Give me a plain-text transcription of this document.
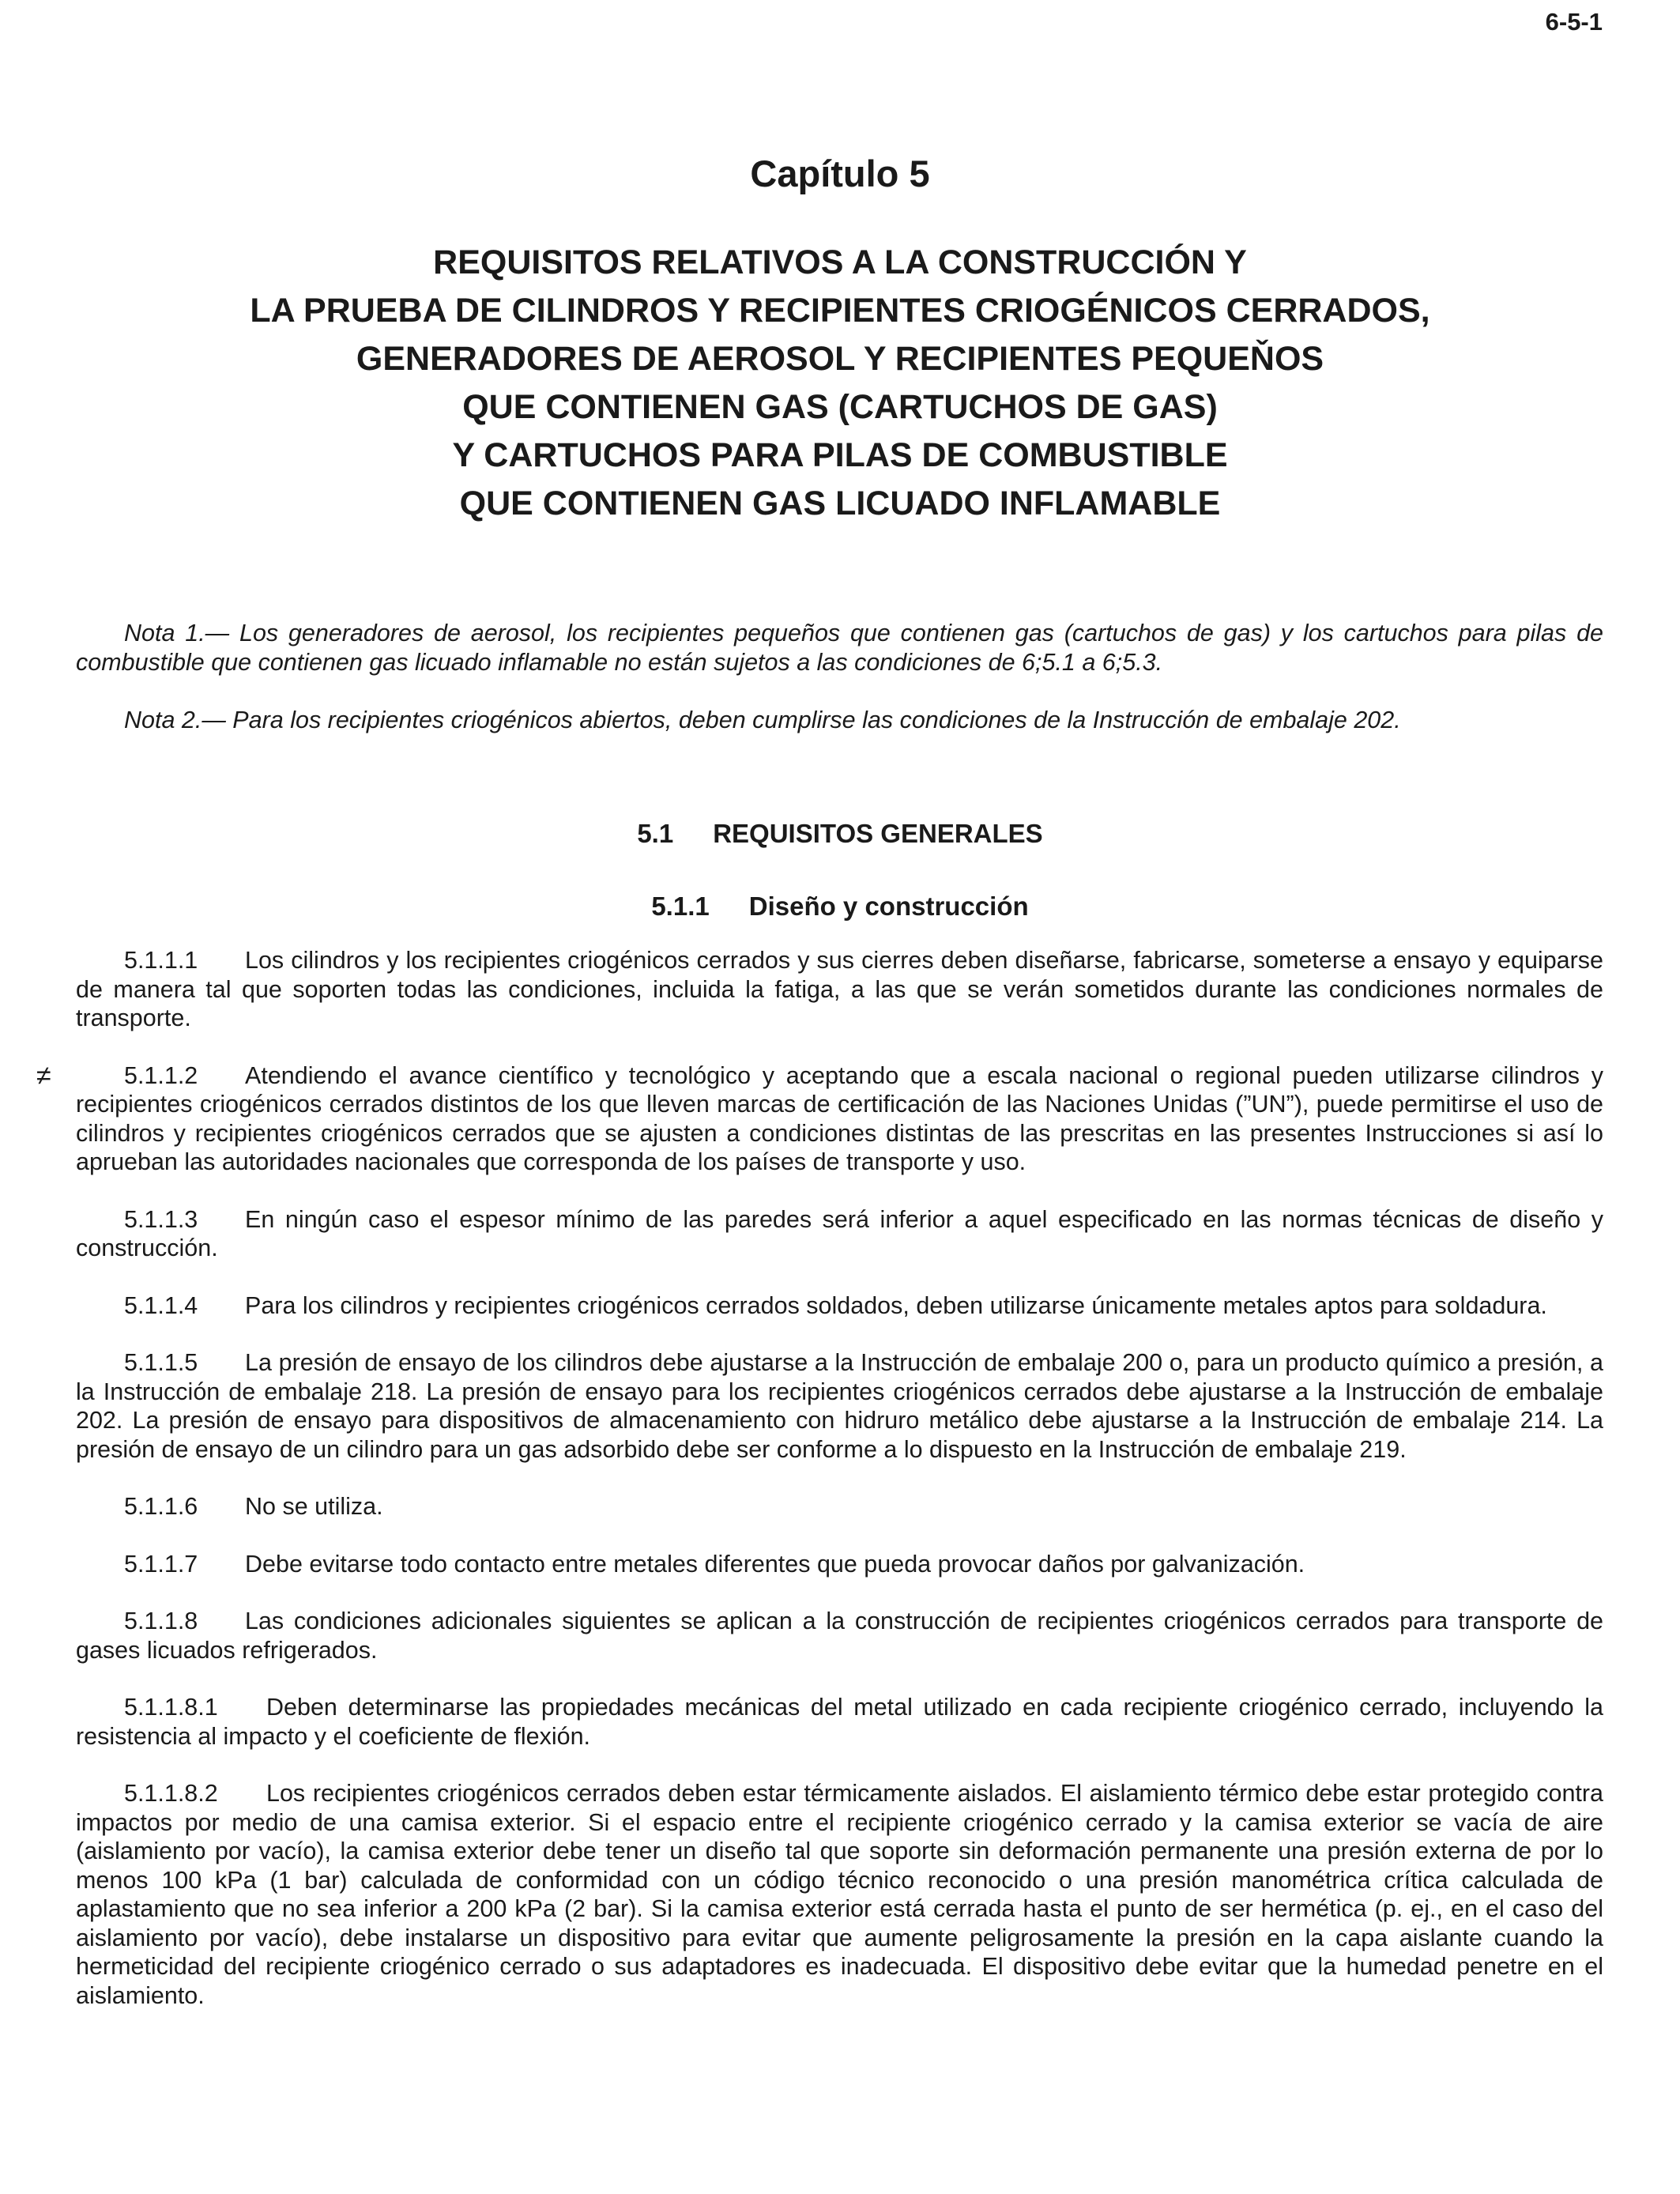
6-5-1
Capítulo 5
REQUISITOS RELATIVOS A LA CONSTRUCCIÓN Y
LA PRUEBA DE CILINDROS Y RECIPIENTES CRIOGÉNICOS CERRADOS,
GENERADORES DE AEROSOL Y RECIPIENTES PEQUEŇOS
QUE CONTIENEN GAS (CARTUCHOS DE GAS)
Y CARTUCHOS PARA PILAS DE COMBUSTIBLE
QUE CONTIENEN GAS LICUADO INFLAMABLE

Nota 1.— Los generadores de aerosol, los recipientes pequeños que contienen gas (cartuchos de gas) y los cartuchos para pilas de combustible que contienen gas licuado inflamable no están sujetos a las condiciones de 6;5.1 a 6;5.3.

Nota 2.— Para los recipientes criogénicos abiertos, deben cumplirse las condiciones de la Instrucción de embalaje 202.

5.1 REQUISITOS GENERALES
5.1.1 Diseño y construcción

5.1.1.1 Los cilindros y los recipientes criogénicos cerrados y sus cierres deben diseñarse, fabricarse, someterse a ensayo y equiparse de manera tal que soporten todas las condiciones, incluida la fatiga, a las que se verán sometidos durante las condiciones normales de transporte.

≠	5.1.1.2 Atendiendo el avance científico y tecnológico y aceptando que a escala nacional o regional pueden utilizarse cilindros y recipientes criogénicos cerrados distintos de los que lleven marcas de certificación de las Naciones Unidas (”UN”), puede permitirse el uso de cilindros y recipientes criogénicos cerrados que se ajusten a condiciones distintas de las prescritas en las presentes Instrucciones si así lo aprueban las autoridades nacionales que corresponda de los países de transporte y uso.

5.1.1.3 En ningún caso el espesor mínimo de las paredes será inferior a aquel especificado en las normas técnicas de diseño y construcción.

5.1.1.4 Para los cilindros y recipientes criogénicos cerrados soldados, deben utilizarse únicamente metales aptos para soldadura.

5.1.1.5 La presión de ensayo de los cilindros debe ajustarse a la Instrucción de embalaje 200 o, para un producto químico a presión, a la Instrucción de embalaje 218. La presión de ensayo para los recipientes criogénicos cerrados debe ajustarse a la Instrucción de embalaje 202. La presión de ensayo para dispositivos de almacenamiento con hidruro metálico debe ajustarse a la Instrucción de embalaje 214. La presión de ensayo de un cilindro para un gas adsorbido debe ser conforme a lo dispuesto en la Instrucción de embalaje 219.

5.1.1.6 No se utiliza.

5.1.1.7 Debe evitarse todo contacto entre metales diferentes que pueda provocar daños por galvanización.

5.1.1.8 Las condiciones adicionales siguientes se aplican a la construcción de recipientes criogénicos cerrados para transporte de gases licuados refrigerados.

5.1.1.8.1 Deben determinarse las propiedades mecánicas del metal utilizado en cada recipiente criogénico cerrado, incluyendo la resistencia al impacto y el coeficiente de flexión.

5.1.1.8.2 Los recipientes criogénicos cerrados deben estar térmicamente aislados. El aislamiento térmico debe estar protegido contra impactos por medio de una camisa exterior. Si el espacio entre el recipiente criogénico cerrado y la camisa exterior se vacía de aire (aislamiento por vacío), la camisa exterior debe tener un diseño tal que soporte sin deformación permanente una presión externa de por lo menos 100 kPa (1 bar) calculada de conformidad con un código técnico reconocido o una presión manométrica crítica calculada de aplastamiento que no sea inferior a 200 kPa (2 bar). Si la camisa exterior está cerrada hasta el punto de ser hermética (p. ej., en el caso del aislamiento por vacío), debe instalarse un dispositivo para evitar que aumente peligrosamente la presión en la capa aislante cuando la hermeticidad del recipiente criogénico cerrado o sus adaptadores es inadecuada. El dispositivo debe evitar que la humedad penetre en el aislamiento.
